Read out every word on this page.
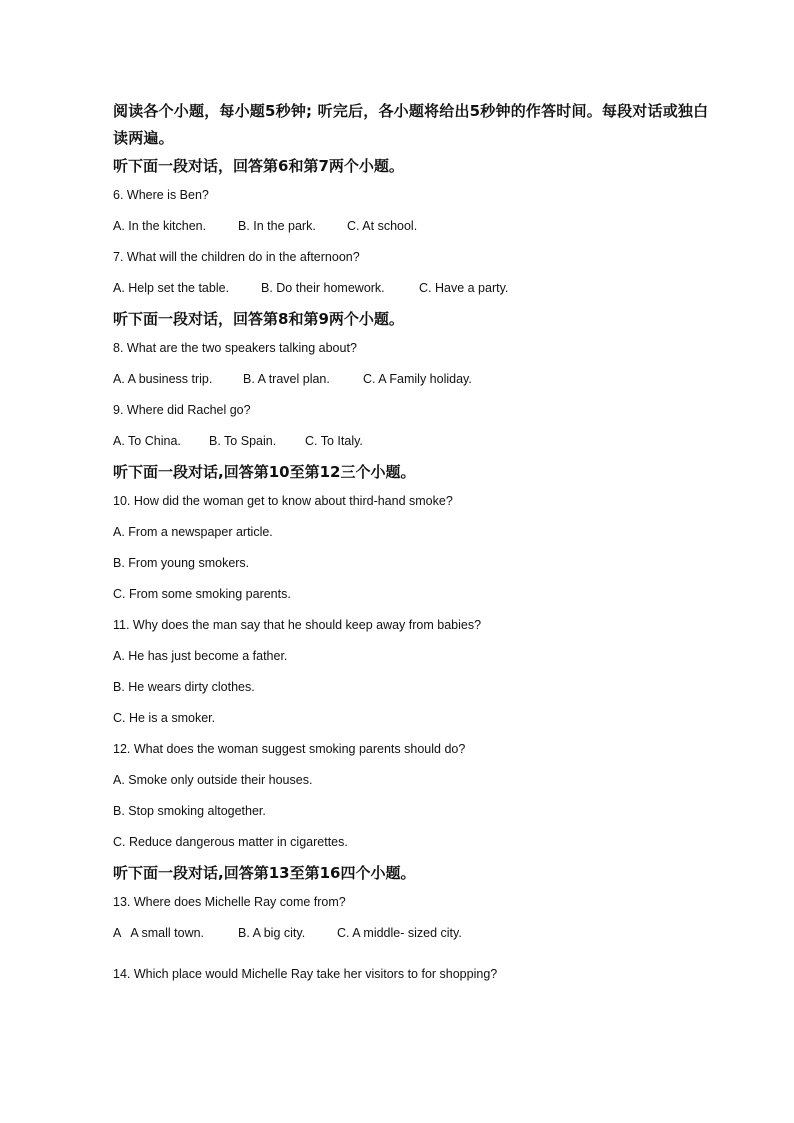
阅读各个小题，每小题5秒钟; 听完后，各小题将给出5秒钟的作答时间。每段对话或独白读两遍。

听下面一段对话，回答第6和第7两个小题。

6. Where is Ben?

A. In the kitchen.	B. In the park.	C. At school.

7. What will the children do in the afternoon?

A. Help set the table.	B. Do their homework.	C. Have a party.

听下面一段对话，回答第8和第9两个小题。

8. What are the two speakers talking about?

A. A business trip.	B. A travel plan.	C. A Family holiday.

9. Where did Rachel go?

A. To China.	B. To Spain.	C. To Italy.

听下面一段对话,回答第10至第12三个小题。

10. How did the woman get to know about third-hand smoke?

A. From a newspaper article.

B. From young smokers.

C. From some smoking parents.

11. Why does the man say that he should keep away from babies?

A. He has just become a father.

B. He wears dirty clothes.

C. He is a smoker.

12. What does the woman suggest smoking parents should do?

A. Smoke only outside their houses.

B. Stop smoking altogether.

C. Reduce dangerous matter in cigarettes.

听下面一段对话,回答第13至第16四个小题。

13. Where does Michelle Ray come from?

A   A small town.	B. A big city.	C. A middle- sized city.

14. Which place would Michelle Ray take her visitors to for shopping?
